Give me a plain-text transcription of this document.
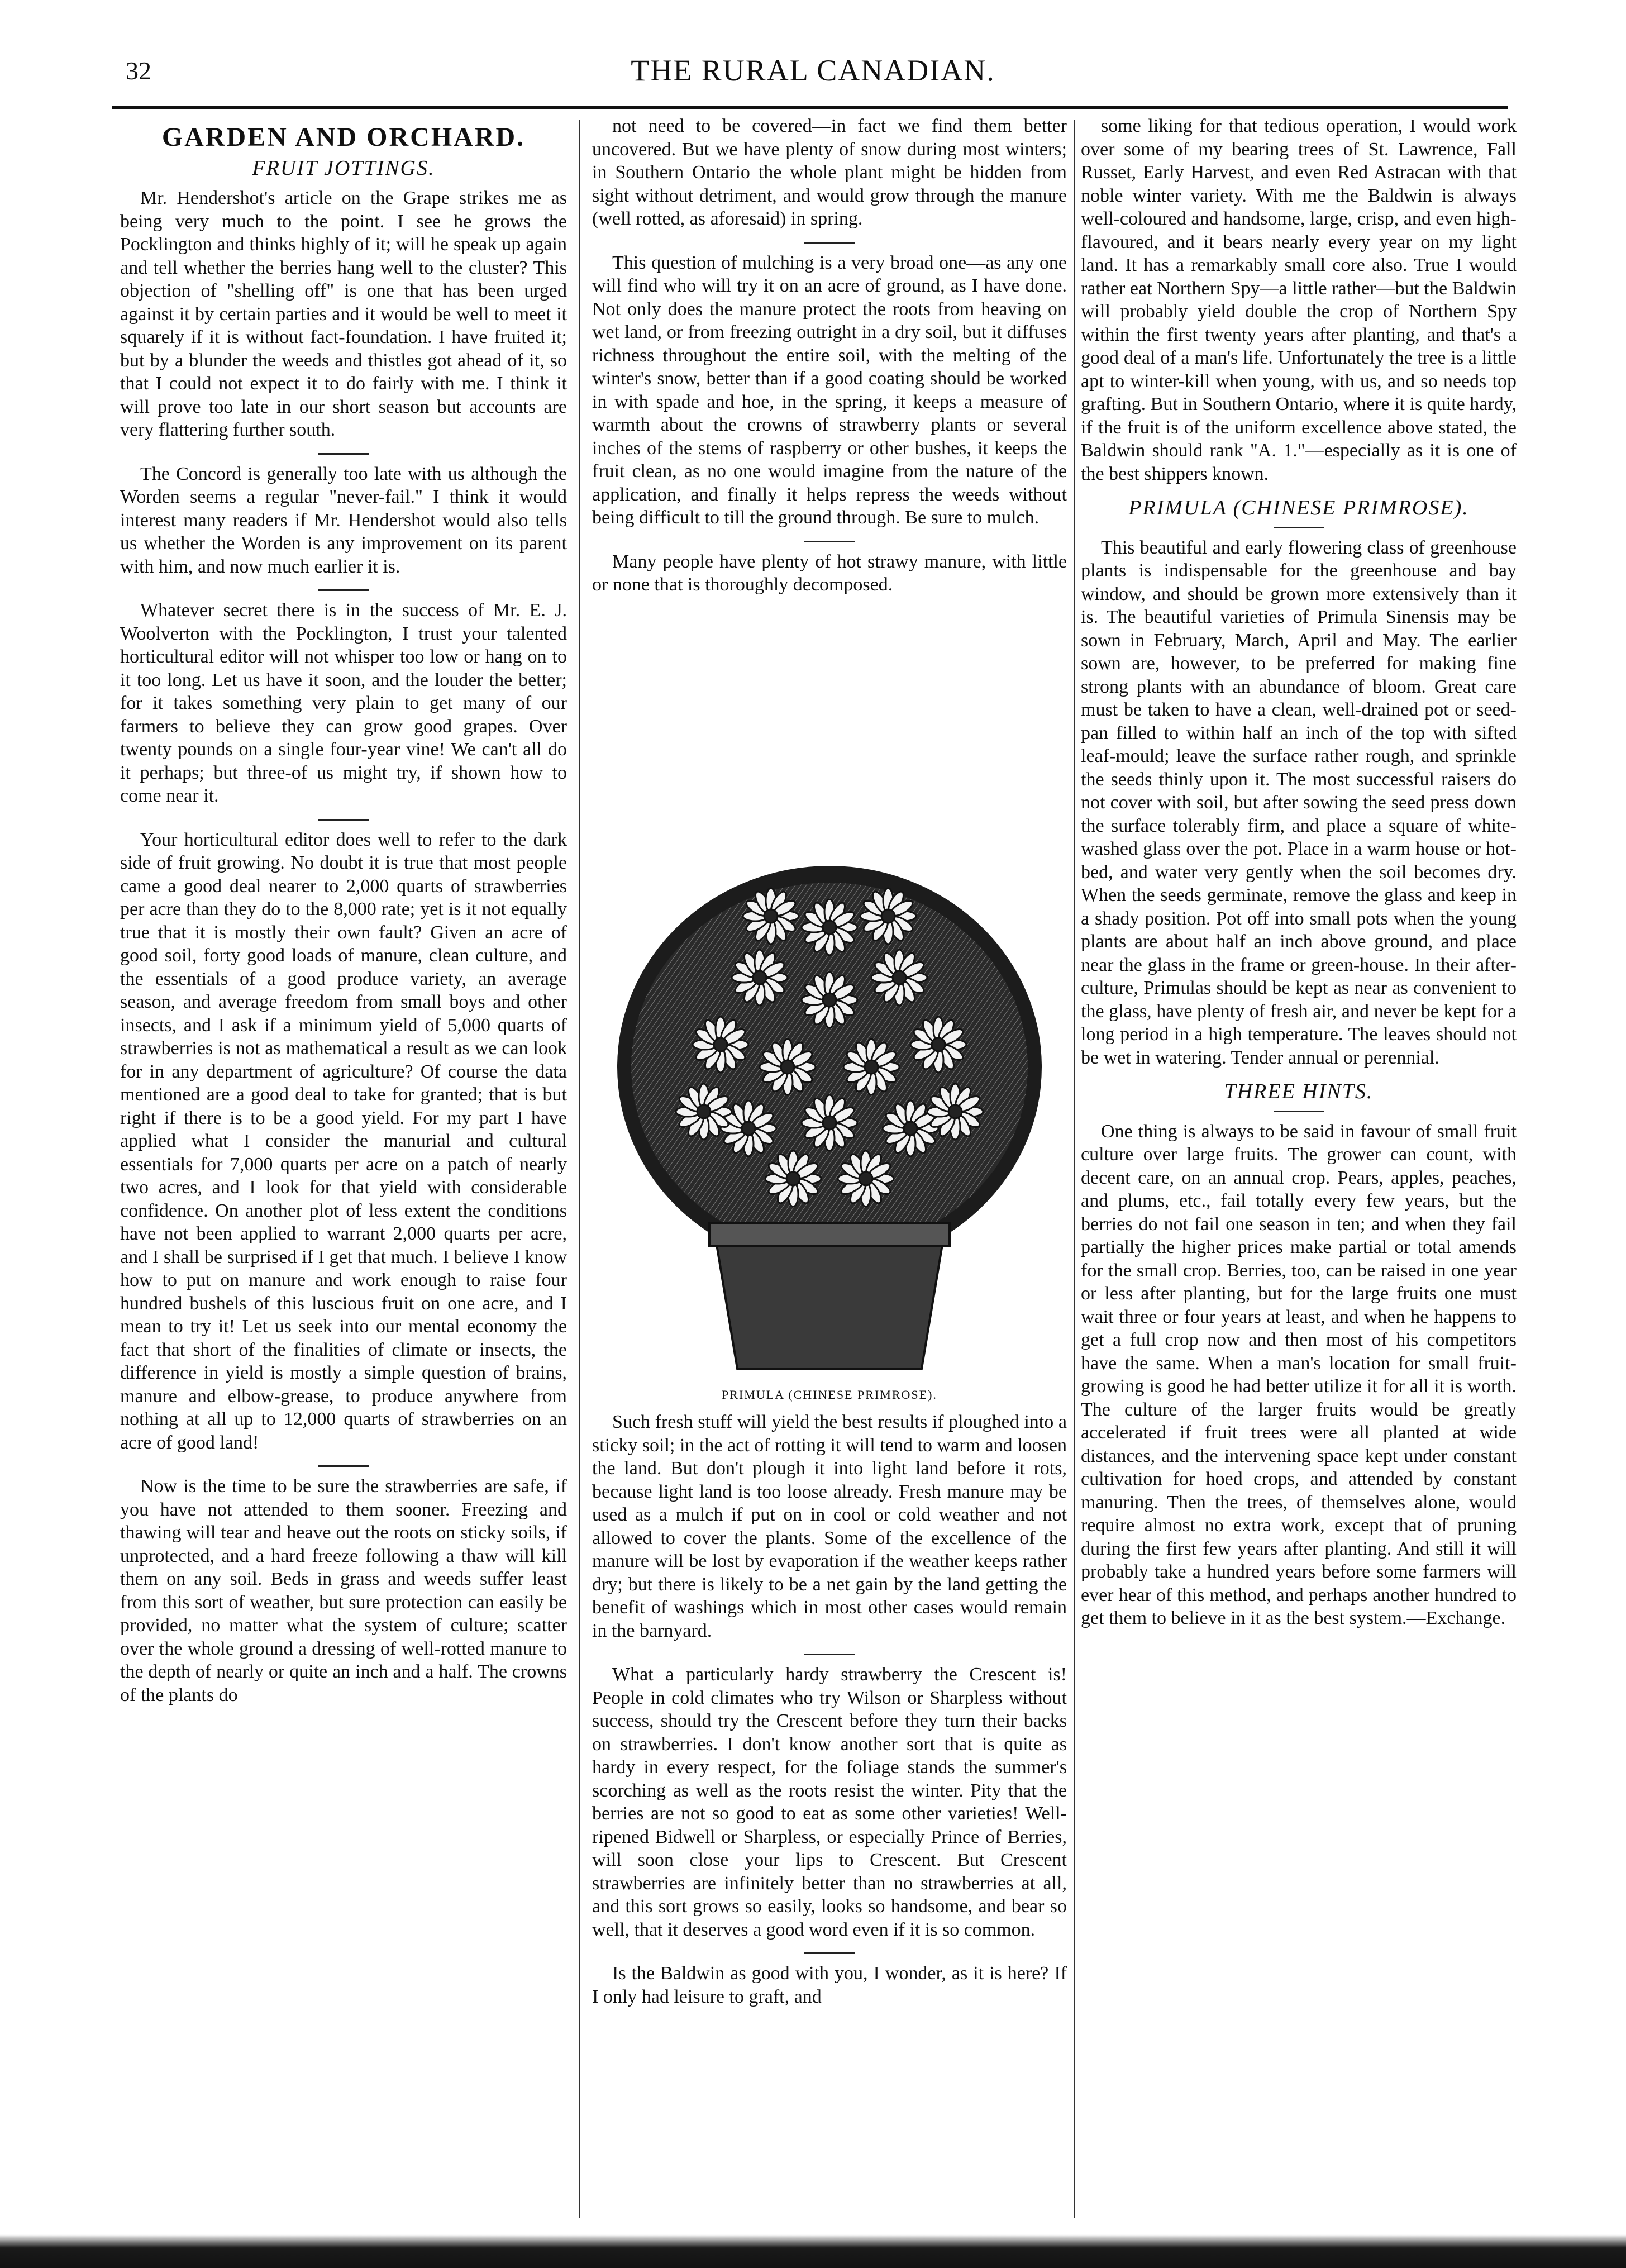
32	THE RURAL CANADIAN.
GARDEN AND ORCHARD.
FRUIT JOTTINGS.

Mr. Hendershot's article on the Grape strikes me as being very much to the point. I see he grows the Pocklington and thinks highly of it; will he speak up again and tell whether the berries hang well to the cluster? This objection of "shelling off" is one that has been urged against it by certain parties and it would be well to meet it squarely if it is without fact-foundation. I have fruited it; but by a blunder the weeds and thistles got ahead of it, so that I could not expect it to do fairly with me. I think it will prove too late in our short season but accounts are very flattering further south.

The Concord is generally too late with us although the Worden seems a regular "never-fail." I think it would interest many readers if Mr. Hendershot would also tells us whether the Worden is any improvement on its parent with him, and now much earlier it is.

Whatever secret there is in the success of Mr. E. J. Woolverton with the Pocklington, I trust your talented horticultural editor will not whisper too low or hang on to it too long. Let us have it soon, and the louder the better; for it takes something very plain to get many of our farmers to believe they can grow good grapes. Over twenty pounds on a single four-year vine! We can't all do it perhaps; but three-of us might try, if shown how to come near it.

Your horticultural editor does well to refer to the dark side of fruit growing. No doubt it is true that most people came a good deal nearer to 2,000 quarts of strawberries per acre than they do to the 8,000 rate; yet is it not equally true that it is mostly their own fault? Given an acre of good soil, forty good loads of manure, clean culture, and the essentials of a good produce variety, an average season, and average freedom from small boys and other insects, and I ask if a minimum yield of 5,000 quarts of strawberries is not as mathematical a result as we can look for in any department of agriculture? Of course the data mentioned are a good deal to take for granted; that is but right if there is to be a good yield. For my part I have applied what I consider the manurial and cultural essentials for 7,000 quarts per acre on a patch of nearly two acres, and I look for that yield with considerable confidence. On another plot of less extent the conditions have not been applied to warrant 2,000 quarts per acre, and I shall be surprised if I get that much. I believe I know how to put on manure and work enough to raise four hundred bushels of this luscious fruit on one acre, and I mean to try it! Let us seek into our mental economy the fact that short of the finalities of climate or insects, the difference in yield is mostly a simple question of brains, manure and elbow-grease, to produce anywhere from nothing at all up to 12,000 quarts of strawberries on an acre of good land!

Now is the time to be sure the strawberries are safe, if you have not attended to them sooner. Freezing and thawing will tear and heave out the roots on sticky soils, if unprotected, and a hard freeze following a thaw will kill them on any soil. Beds in grass and weeds suffer least from this sort of weather, but sure protection can easily be provided, no matter what the system of culture; scatter over the whole ground a dressing of well-rotted manure to the depth of nearly or quite an inch and a half. The crowns of the plants do

not need to be covered—in fact we find them better uncovered. But we have plenty of snow during most winters; in Southern Ontario the whole plant might be hidden from sight without detriment, and would grow through the manure (well rotted, as aforesaid) in spring.

This question of mulching is a very broad one—as any one will find who will try it on an acre of ground, as I have done. Not only does the manure protect the roots from heaving on wet land, or from freezing outright in a dry soil, but it diffuses richness throughout the entire soil, with the melting of the winter's snow, better than if a good coating should be worked in with spade and hoe, in the spring, it keeps a measure of warmth about the crowns of strawberry plants or several inches of the stems of raspberry or other bushes, it keeps the fruit clean, as no one would imagine from the nature of the application, and finally it helps repress the weeds without being difficult to till the ground through. Be sure to mulch.

Many people have plenty of hot strawy manure, with little or none that is thoroughly decomposed.

PRIMULA (CHINESE PRIMROSE).

Such fresh stuff will yield the best results if ploughed into a sticky soil; in the act of rotting it will tend to warm and loosen the land. But don't plough it into light land before it rots, because light land is too loose already. Fresh manure may be used as a mulch if put on in cool or cold weather and not allowed to cover the plants. Some of the excellence of the manure will be lost by evaporation if the weather keeps rather dry; but there is likely to be a net gain by the land getting the benefit of washings which in most other cases would remain in the barnyard.

What a particularly hardy strawberry the Crescent is! People in cold climates who try Wilson or Sharpless without success, should try the Crescent before they turn their backs on strawberries. I don't know another sort that is quite as hardy in every respect, for the foliage stands the summer's scorching as well as the roots resist the winter. Pity that the berries are not so good to eat as some other varieties! Well-ripened Bidwell or Sharpless, or especially Prince of Berries, will soon close your lips to Crescent. But Crescent strawberries are infinitely better than no strawberries at all, and this sort grows so easily, looks so handsome, and bear so well, that it deserves a good word even if it is so common.

Is the Baldwin as good with you, I wonder, as it is here? If I only had leisure to graft, and

some liking for that tedious operation, I would work over some of my bearing trees of St. Lawrence, Fall Russet, Early Harvest, and even Red Astracan with that noble winter variety. With me the Baldwin is always well-coloured and handsome, large, crisp, and even high-flavoured, and it bears nearly every year on my light land. It has a remarkably small core also. True I would rather eat Northern Spy—a little rather—but the Baldwin will probably yield double the crop of Northern Spy within the first twenty years after planting, and that's a good deal of a man's life. Unfortunately the tree is a little apt to winter-kill when young, with us, and so needs top grafting. But in Southern Ontario, where it is quite hardy, if the fruit is of the uniform excellence above stated, the Baldwin should rank "A. 1."—especially as it is one of the best shippers known.

PRIMULA (CHINESE PRIMROSE).

This beautiful and early flowering class of greenhouse plants is indispensable for the greenhouse and bay window, and should be grown more extensively than it is. The beautiful varieties of Primula Sinensis may be sown in February, March, April and May. The earlier sown are, however, to be preferred for making fine strong plants with an abundance of bloom. Great care must be taken to have a clean, well-drained pot or seed-pan filled to within half an inch of the top with sifted leaf-mould; leave the surface rather rough, and sprinkle the seeds thinly upon it. The most successful raisers do not cover with soil, but after sowing the seed press down the surface tolerably firm, and place a square of white-washed glass over the pot. Place in a warm house or hot-bed, and water very gently when the soil becomes dry. When the seeds germinate, remove the glass and keep in a shady position. Pot off into small pots when the young plants are about half an inch above ground, and place near the glass in the frame or green-house. In their after-culture, Primulas should be kept as near as convenient to the glass, have plenty of fresh air, and never be kept for a long period in a high temperature. The leaves should not be wet in watering. Tender annual or perennial.

THREE HINTS.

One thing is always to be said in favour of small fruit culture over large fruits. The grower can count, with decent care, on an annual crop. Pears, apples, peaches, and plums, etc., fail totally every few years, but the berries do not fail one season in ten; and when they fail partially the higher prices make partial or total amends for the small crop. Berries, too, can be raised in one year or less after planting, but for the large fruits one must wait three or four years at least, and when he happens to get a full crop now and then most of his competitors have the same. When a man's location for small fruit-growing is good he had better utilize it for all it is worth. The culture of the larger fruits would be greatly accelerated if fruit trees were all planted at wide distances, and the intervening space kept under constant cultivation for hoed crops, and attended by constant manuring. Then the trees, of themselves alone, would require almost no extra work, except that of pruning during the first few years after planting. And still it will probably take a hundred years before some farmers will ever hear of this method, and perhaps another hundred to get them to believe in it as the best system.—Exchange.
